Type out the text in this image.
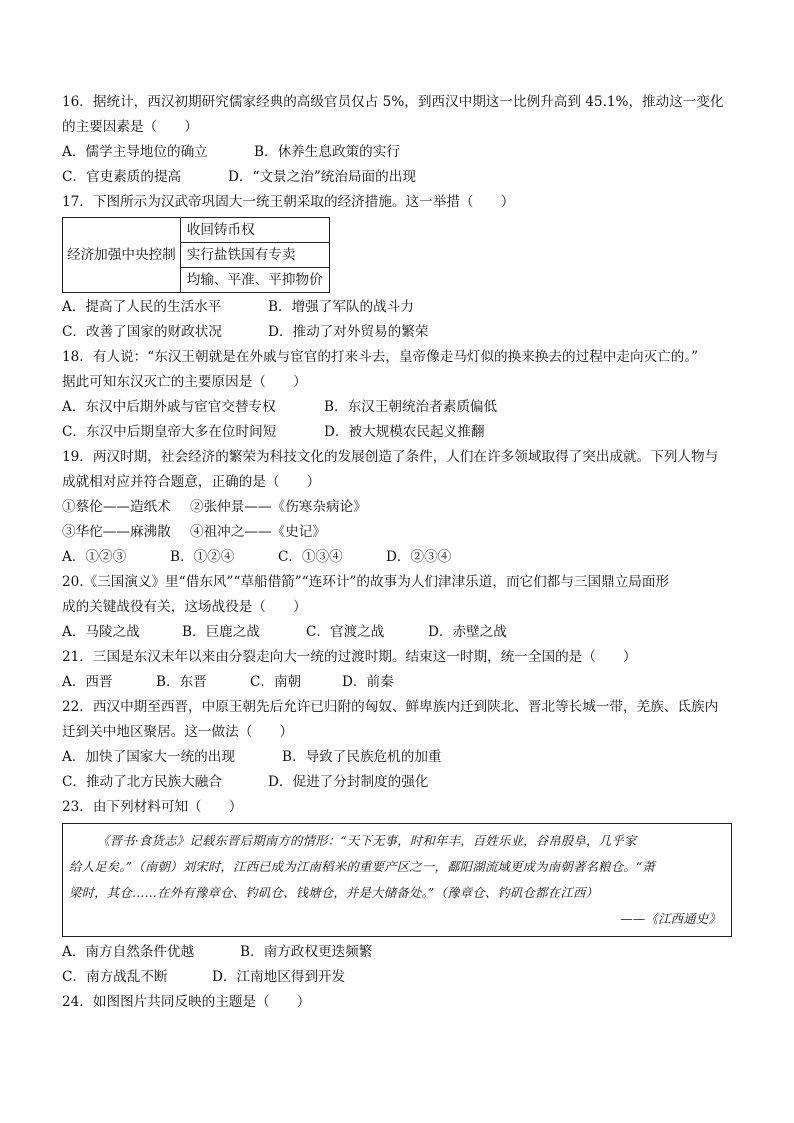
16．据统计，西汉初期研究儒家经典的高级官员仅占 5%，到西汉中期这一比例升高到 45.1%，推动这一变化
的主要因素是（　　）
A．儒学主导地位的确立	B．休养生息政策的实行
C．官吏素质的提高	D．“文景之治”统治局面的出现
17．下图所示为汉武帝巩固大一统王朝采取的经济措施。这一举措（　　）
经济加强中央控制	收回铸币权
实行盐铁国有专卖
均输、平准、平抑物价
A．提高了人民的生活水平	B．增强了军队的战斗力
C．改善了国家的财政状况	D．推动了对外贸易的繁荣
18．有人说：“东汉王朝就是在外戚与宦官的打来斗去，皇帝像走马灯似的换来换去的过程中走向灭亡的。”
据此可知东汉灭亡的主要原因是（　　）
A．东汉中后期外戚与宦官交替专权	B．东汉王朝统治者素质偏低
C．东汉中后期皇帝大多在位时间短	D．被大规模农民起义推翻
19．两汉时期，社会经济的繁荣为科技文化的发展创造了条件，人们在许多领域取得了突出成就。下列人物与
成就相对应并符合题意，正确的是（　　）
①蔡伦——造纸术 ②张仲景——《伤寒杂病论》
③华佗——麻沸散 ④祖冲之——《史记》
A．①②③	B．①②④	C．①③④	D．②③④
20.《三国演义》里“借东风”“草船借箭”“连环计”的故事为人们津津乐道，而它们都与三国鼎立局面形
成的关键战役有关，这场战役是（　　）
A．马陵之战	B．巨鹿之战	C．官渡之战	D．赤壁之战
21．三国是东汉末年以来由分裂走向大一统的过渡时期。结束这一时期，统一全国的是（　　）
A．西晋	B．东晋	C．南朝	D．前秦
22．西汉中期至西晋，中原王朝先后允许已归附的匈奴、鲜卑族内迁到陕北、晋北等长城一带，羌族、氐族内
迁到关中地区聚居。这一做法（　　）
A．加快了国家大一统的出现	B．导致了民族危机的加重
C．推动了北方民族大融合	D．促进了分封制度的强化
23．由下列材料可知（　　）
《晋书·食货志》记载东晋后期南方的情形：“天下无事，时和年丰，百姓乐业，谷帛殷阜，几乎家
给人足矣。”（南朝）刘宋时，江西已成为江南稻米的重要产区之一，鄱阳湖流域更成为南朝著名粮仓。“萧
梁时，其仓……在外有豫章仓、钓矶仓、钱塘仓，并是大储备处。”（豫章仓、钓矶仓都在江西）
——《江西通史》
A．南方自然条件优越	B．南方政权更迭频繁
C．南方战乱不断	D．江南地区得到开发
24．如图图片共同反映的主题是（　　）
